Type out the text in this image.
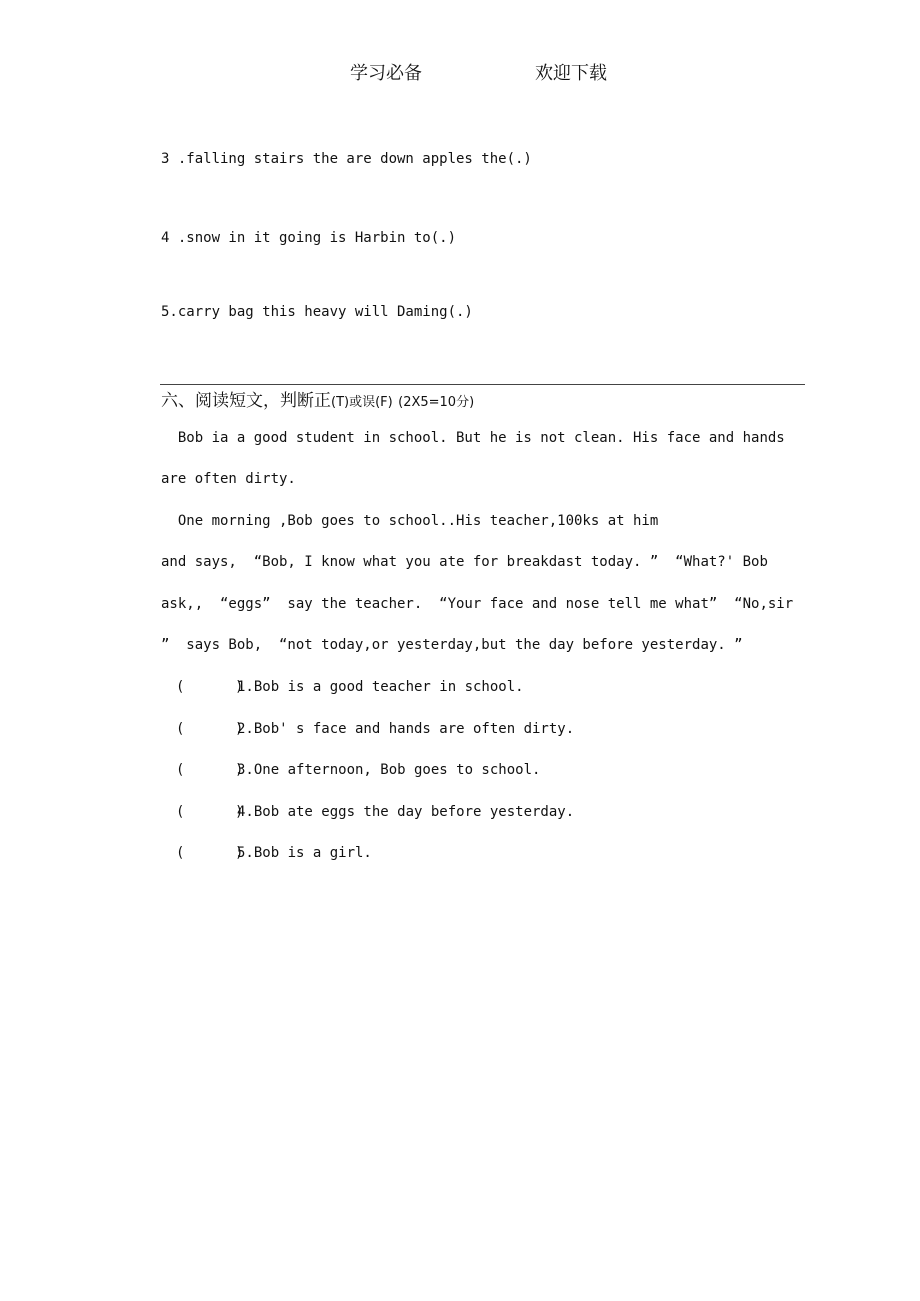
学习必备	欢迎下载
3 .falling stairs the are down apples the(.)
4 .snow in it going is Harbin to(.)
5.carry bag this heavy will Daming(.)
六、阅读短文，判断正(T)或误(F) (2X5=10分)
Bob ia a good student in school. But he is not clean. His face and hands
are often dirty.
One morning ,Bob goes to school..His teacher,100ks at him
and says,  “Bob, I know what you ate for breakdast today. ”  “What?' Bob
ask,,  “eggs”  say the teacher.  “Your face and nose tell me what”  “No,sir
”  says Bob,  “not today,or yesterday,but the day before yesterday. ”
(      )
1.Bob is a good teacher in school.
(      )
2.Bob' s face and hands are often dirty.
(      )
3.One afternoon, Bob goes to school.
(      )
4.Bob ate eggs the day before yesterday.
(      )
5.Bob is a girl.
